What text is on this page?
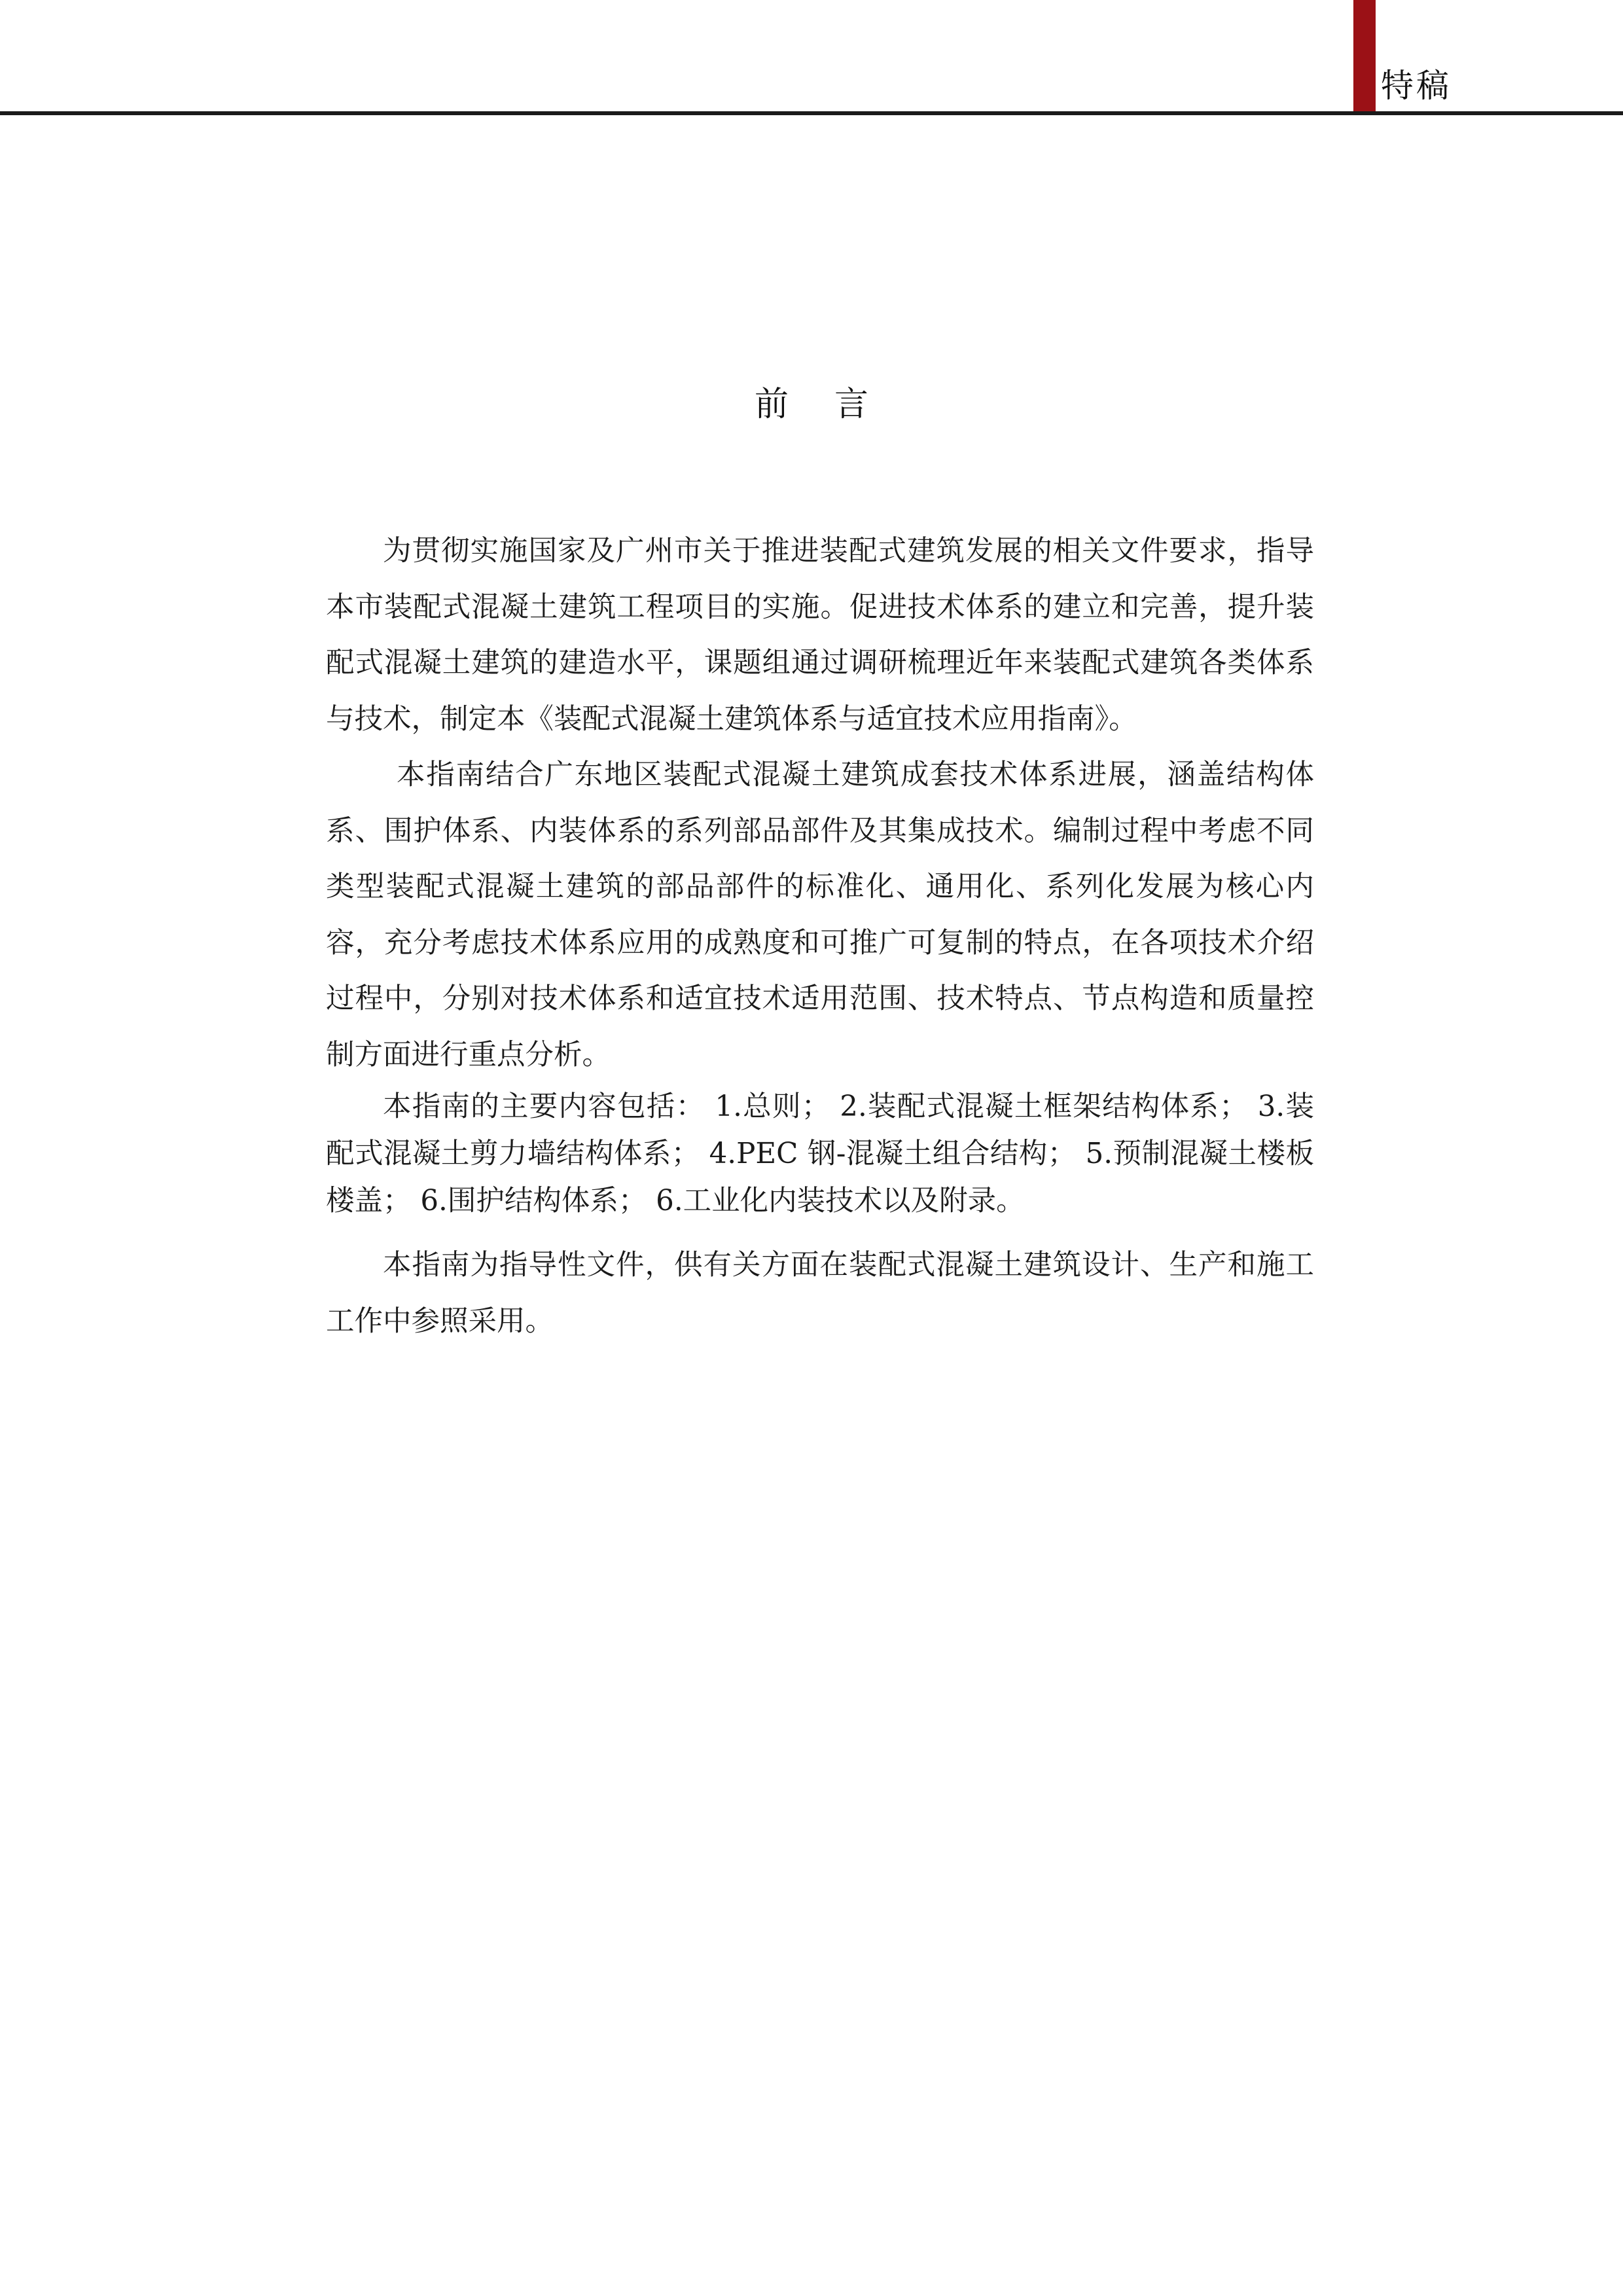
特稿
前言

为贯彻实施国家及广州市关于推进装配式建筑发展的相关文件要求，指导本市装配式混凝土建筑工程项目的实施。促进技术体系的建立和完善，提升装配式混凝土建筑的建造水平，课题组通过调研梳理近年来装配式建筑各类体系与技术，制定本《装配式混凝土建筑体系与适宜技术应用指南》。

本指南结合广东地区装配式混凝土建筑成套技术体系进展，涵盖结构体系、围护体系、内装体系的系列部品部件及其集成技术。编制过程中考虑不同类型装配式混凝土建筑的部品部件的标准化、通用化、系列化发展为核心内容，充分考虑技术体系应用的成熟度和可推广可复制的特点，在各项技术介绍过程中，分别对技术体系和适宜技术适用范围、技术特点、节点构造和质量控制方面进行重点分析。

本指南的主要内容包括： 1.总则； 2.装配式混凝土框架结构体系； 3.装配式混凝土剪力墙结构体系； 4.PEC 钢-混凝土组合结构； 5.预制混凝土楼板楼盖； 6.围护结构体系； 6.工业化内装技术以及附录。

本指南为指导性文件，供有关方面在装配式混凝土建筑设计、生产和施工工作中参照采用。
